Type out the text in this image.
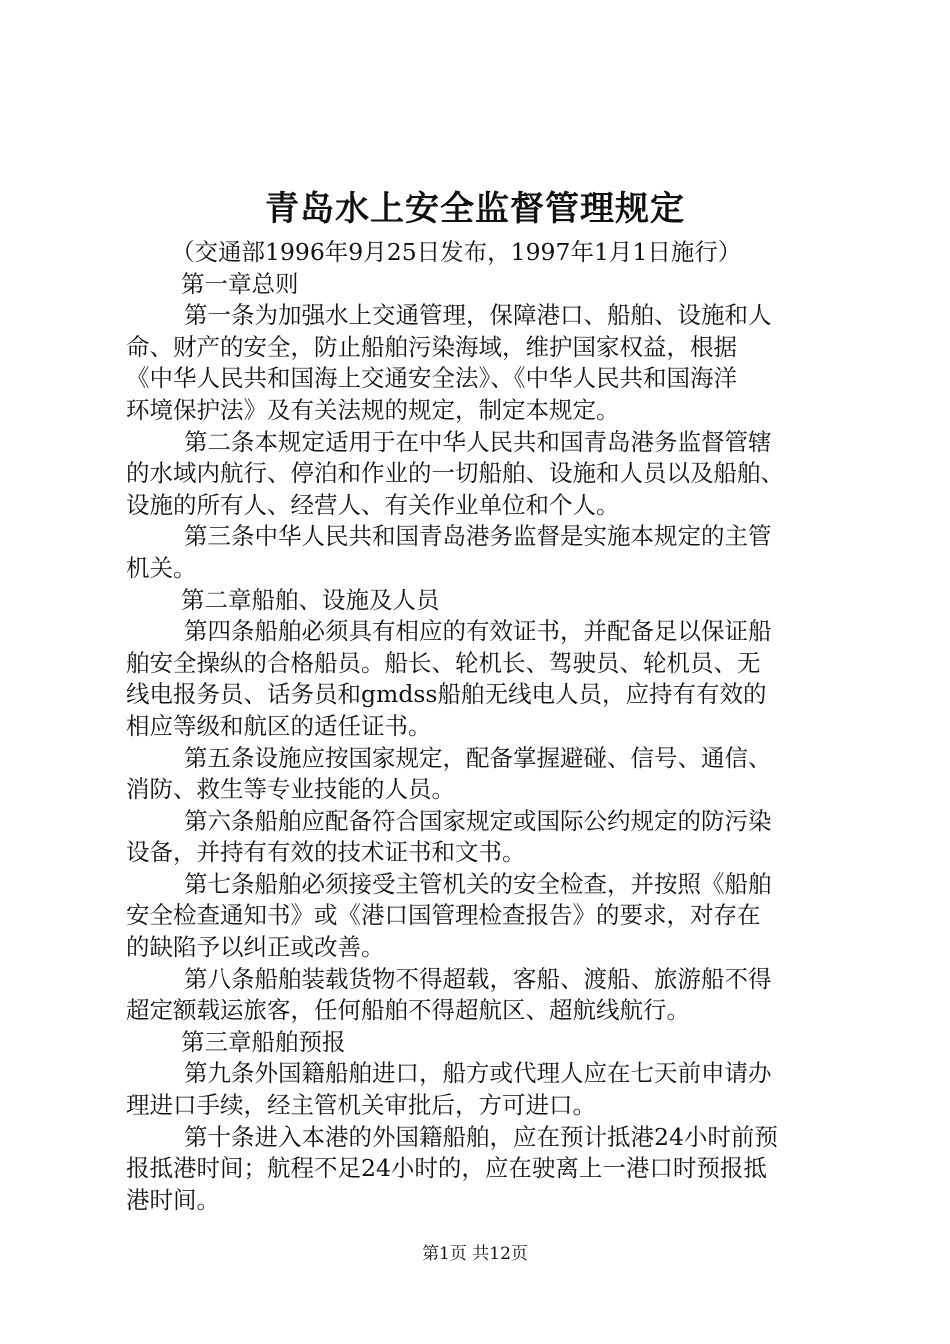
青岛水上安全监督管理规定
（交通部1996年9月25日发布，1997年1月1日施行）
第一章总则
第一条为加强水上交通管理，保障港口、船舶、设施和人
命、财产的安全，防止船舶污染海域，维护国家权益，根据
《中华人民共和国海上交通安全法》、《中华人民共和国海洋
环境保护法》及有关法规的规定，制定本规定。
第二条本规定适用于在中华人民共和国青岛港务监督管辖
的水域内航行、停泊和作业的一切船舶、设施和人员以及船舶、
设施的所有人、经营人、有关作业单位和个人。
第三条中华人民共和国青岛港务监督是实施本规定的主管
机关。
第二章船舶、设施及人员
第四条船舶必须具有相应的有效证书，并配备足以保证船
舶安全操纵的合格船员。船长、轮机长、驾驶员、轮机员、无
线电报务员、话务员和gmdss船舶无线电人员，应持有有效的
相应等级和航区的适任证书。
第五条设施应按国家规定，配备掌握避碰、信号、通信、
消防、救生等专业技能的人员。
第六条船舶应配备符合国家规定或国际公约规定的防污染
设备，并持有有效的技术证书和文书。
第七条船舶必须接受主管机关的安全检查，并按照《船舶
安全检查通知书》或《港口国管理检查报告》的要求，对存在
的缺陷予以纠正或改善。
第八条船舶装载货物不得超载，客船、渡船、旅游船不得
超定额载运旅客，任何船舶不得超航区、超航线航行。
第三章船舶预报
第九条外国籍船舶进口，船方或代理人应在七天前申请办
理进口手续，经主管机关审批后，方可进口。
第十条进入本港的外国籍船舶，应在预计抵港24小时前预
报抵港时间；航程不足24小时的，应在驶离上一港口时预报抵
港时间。
第1页 共12页
